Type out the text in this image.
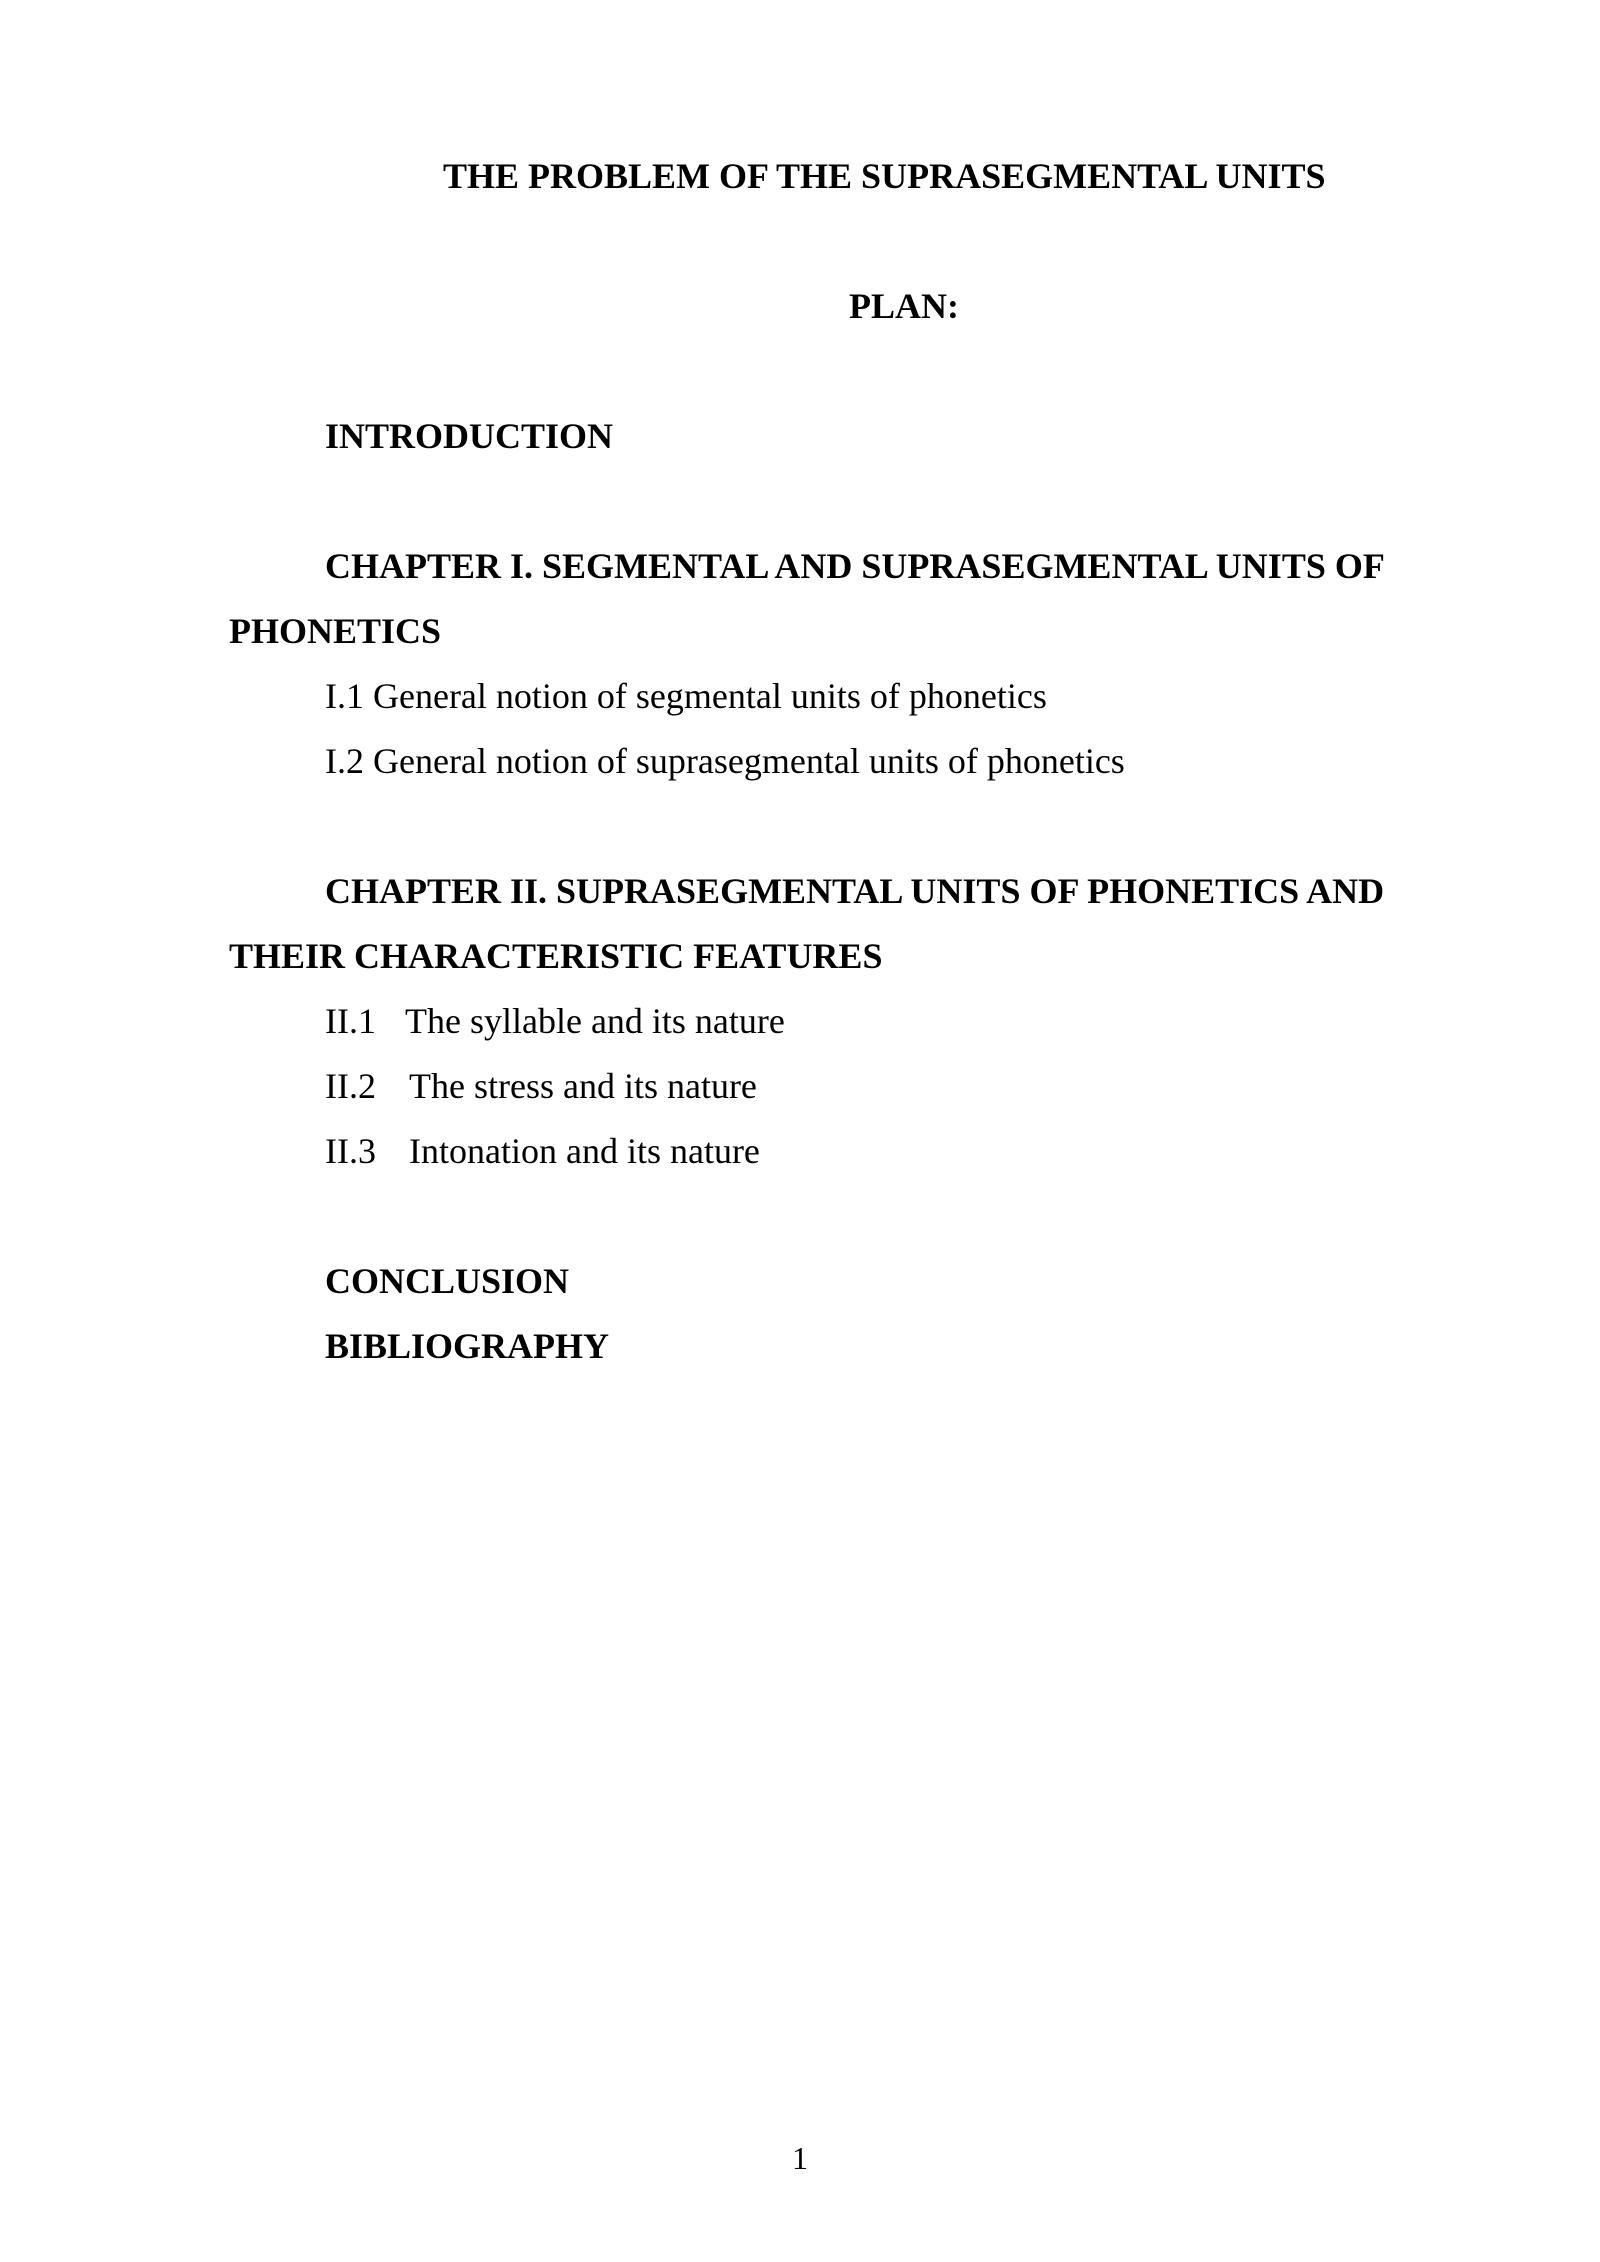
THE PROBLEM OF THE SUPRASEGMENTAL UNITS
PLAN:
INTRODUCTION
CHAPTER I. SEGMENTAL AND SUPRASEGMENTAL UNITS OF
PHONETICS
I.1 General notion of segmental units of phonetics
I.2 General notion of suprasegmental units of phonetics
CHAPTER II. SUPRASEGMENTAL UNITS OF PHONETICS AND
THEIR CHARACTERISTIC FEATURES
II.1 The syllable and its nature
II.2 The stress and its nature
II.3 Intonation and its nature
CONCLUSION
BIBLIOGRAPHY
1
